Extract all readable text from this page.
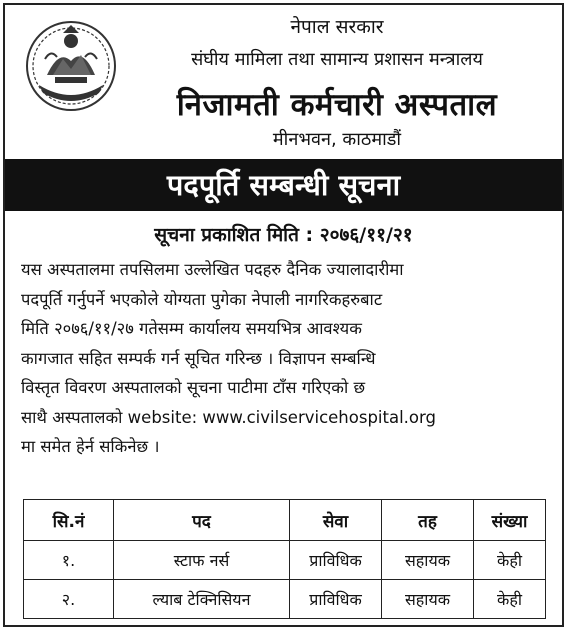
नेपाल सरकार
संघीय मामिला तथा सामान्य प्रशासन मन्त्रालय
निजामती कर्मचारी अस्पताल
मीनभवन, काठमाडौं
पदपूर्ति सम्बन्धी सूचना
सूचना प्रकाशित मिति : २०७६/११/२१
यस अस्पतालमा तपसिलमा उल्लेखित पदहरु दैनिक ज्यालादारीमा
पदपूर्ति गर्नुपर्ने भएकोले योग्यता पुगेका नेपाली नागरिकहरुबाट
मिति २०७६/११/२७ गतेसम्म कार्यालय समयभित्र आवश्यक
कागजात सहित सम्पर्क गर्न सूचित गरिन्छ । विज्ञापन सम्बन्धि
विस्तृत विवरण अस्पतालको सूचना पाटीमा टाँस गरिएको छ
साथै अस्पतालको website: www.civilservicehospital.org
मा समेत हेर्न सकिनेछ ।
सि.नं	पद	सेवा	तह	संख्या
१.	स्टाफ नर्स	प्राविधिक	सहायक	केही
२.	ल्याब टेक्निसियन	प्राविधिक	सहायक	केही
